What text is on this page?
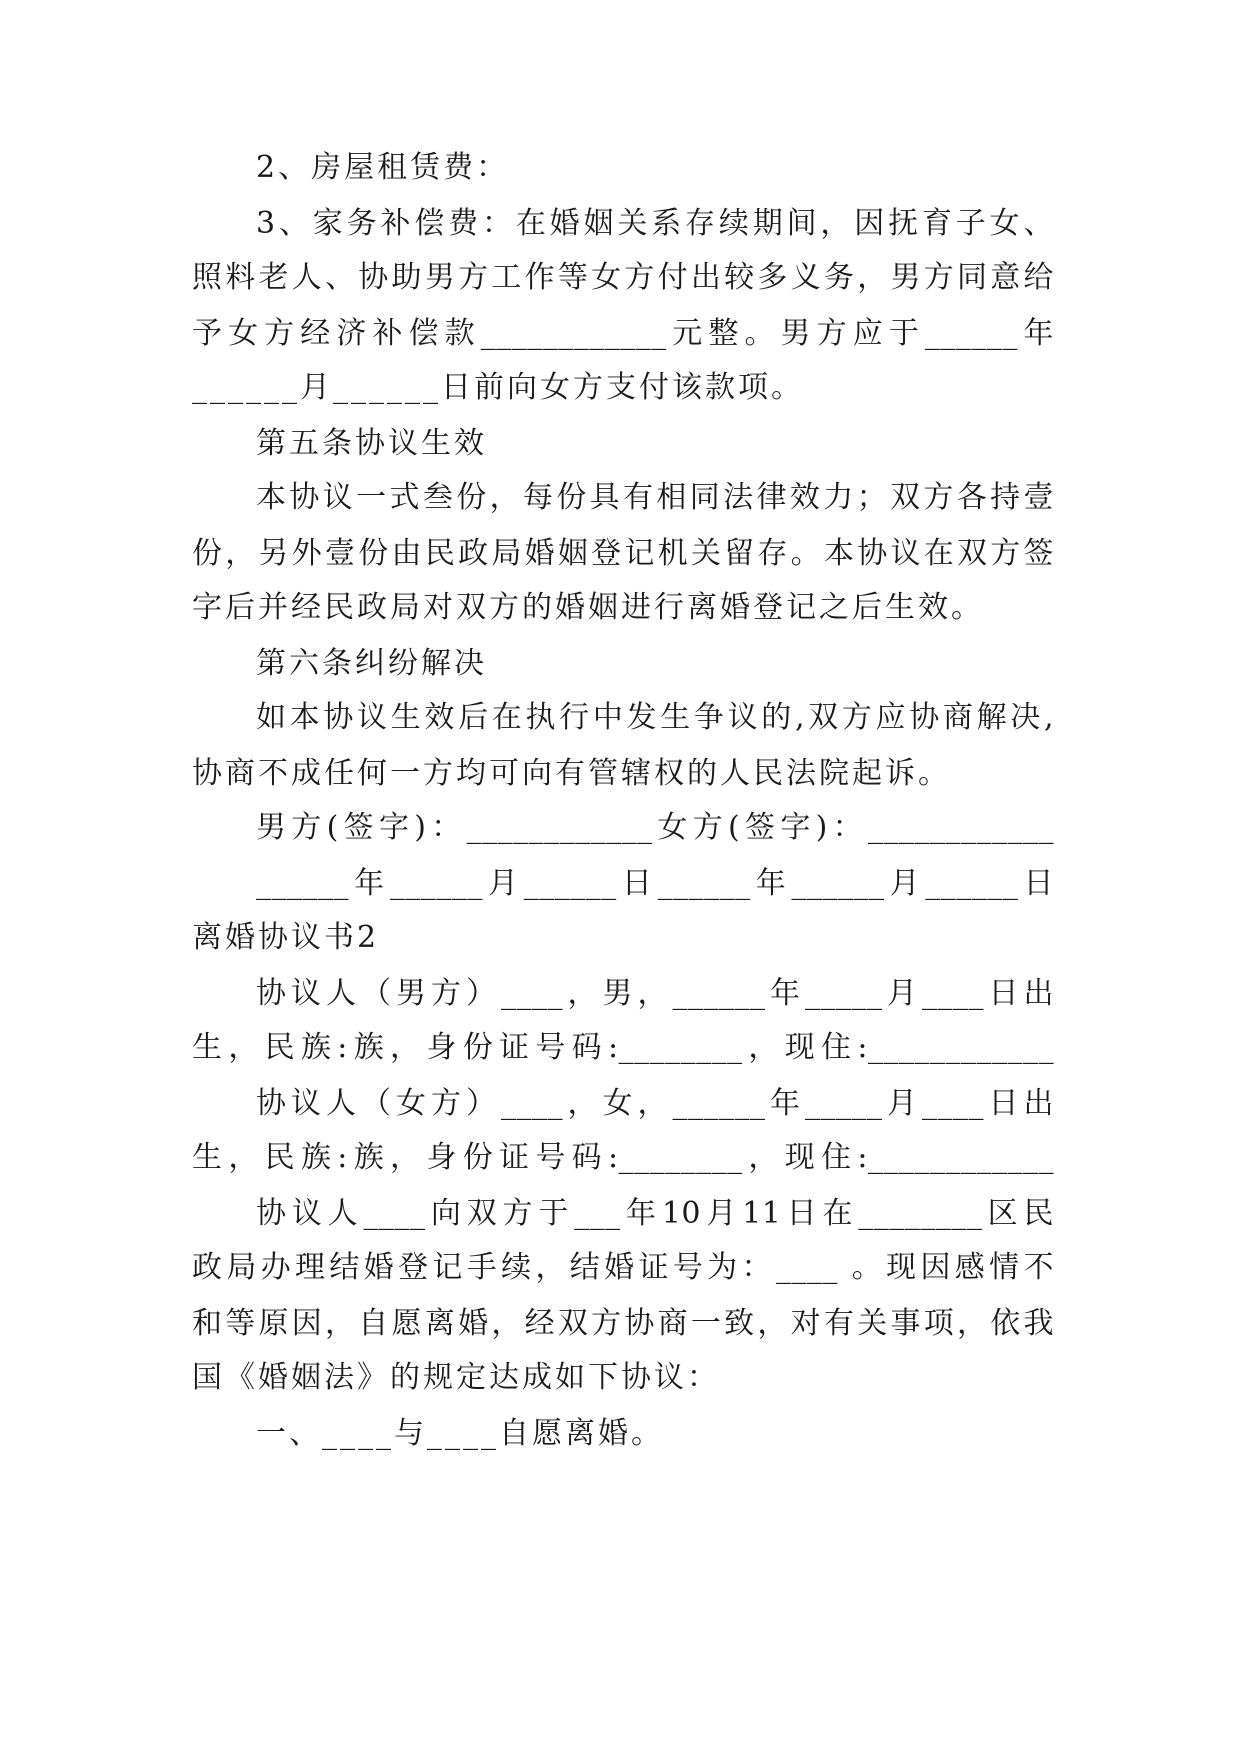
2、房屋租赁费：
3、家务补偿费：在婚姻关系存续期间，因抚育子女、
照料老人、协助男方工作等女方付出较多义务，男方同意给
予女方经济补偿款____________元整。男方应于______年
______月______日前向女方支付该款项。
第五条协议生效
本协议一式叁份，每份具有相同法律效力；双方各持壹
份，另外壹份由民政局婚姻登记机关留存。本协议在双方签
字后并经民政局对双方的婚姻进行离婚登记之后生效。
第六条纠纷解决
如本协议生效后在执行中发生争议的,双方应协商解决,
协商不成任何一方均可向有管辖权的人民法院起诉。
男方(签字)：____________女方(签字)：____________
______年______月______日______年______月______日
离婚协议书2
协议人（男方）____，男，______年_____月____日出
生，民族:族，身份证号码:________，现住:____________
协议人（女方）____，女，______年_____月____日出
生，民族:族，身份证号码:________，现住:____________
协议人____向双方于___年10月11日在________区民
政局办理结婚登记手续，结婚证号为：____ 。现因感情不
和等原因，自愿离婚，经双方协商一致，对有关事项，依我
国《婚姻法》的规定达成如下协议：
一、____与____自愿离婚。
